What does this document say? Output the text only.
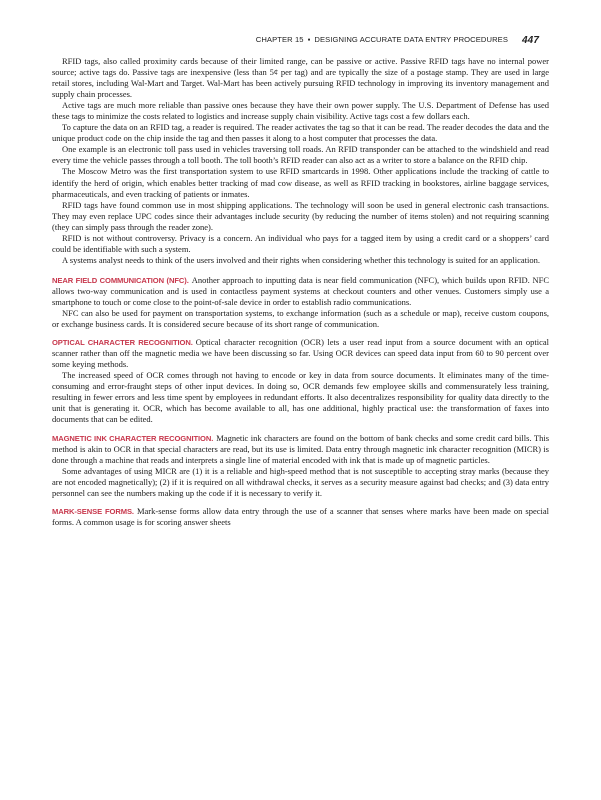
CHAPTER 15 ▪ DESIGNING ACCURATE DATA ENTRY PROCEDURES 447

RFID tags, also called proximity cards because of their limited range, can be passive or active. Passive RFID tags have no internal power source; active tags do. Passive tags are inexpensive (less than 5¢ per tag) and are typically the size of a postage stamp. They are used in large retail stores, including Wal-Mart and Target. Wal-Mart has been actively pursuing RFID technology in improving its inventory management and supply chain processes.

Active tags are much more reliable than passive ones because they have their own power supply. The U.S. Department of Defense has used these tags to minimize the costs related to logistics and increase supply chain visibility. Active tags cost a few dollars each.

To capture the data on an RFID tag, a reader is required. The reader activates the tag so that it can be read. The reader decodes the data and the unique product code on the chip inside the tag and then passes it along to a host computer that processes the data.

One example is an electronic toll pass used in vehicles traversing toll roads. An RFID transponder can be attached to the windshield and read every time the vehicle passes through a toll booth. The toll booth’s RFID reader can also act as a writer to store a balance on the RFID chip.

The Moscow Metro was the first transportation system to use RFID smartcards in 1998. Other applications include the tracking of cattle to identify the herd of origin, which enables better tracking of mad cow disease, as well as RFID tracking in bookstores, airline baggage services, pharmaceuticals, and even tracking of patients or inmates.

RFID tags have found common use in most shipping applications. The technology will soon be used in general electronic cash transactions. They may even replace UPC codes since their advantages include security (by reducing the number of items stolen) and not requiring scanning (they can simply pass through the reader zone).

RFID is not without controversy. Privacy is a concern. An individual who pays for a tagged item by using a credit card or a shoppers’ card could be identifiable with such a system.

A systems analyst needs to think of the users involved and their rights when considering whether this technology is suited for an application.

NEAR FIELD COMMUNICATION (NFC). Another approach to inputting data is near field communication (NFC), which builds upon RFID. NFC allows two-way communication and is used in contactless payment systems at checkout counters and other venues. Customers simply use a smartphone to touch or come close to the point-of-sale device in order to establish radio communications.

NFC can also be used for payment on transportation systems, to exchange information (such as a schedule or map), receive custom coupons, or exchange business cards. It is considered secure because of its short range of communication.

OPTICAL CHARACTER RECOGNITION. Optical character recognition (OCR) lets a user read input from a source document with an optical scanner rather than off the magnetic media we have been discussing so far. Using OCR devices can speed data input from 60 to 90 percent over some keying methods.

The increased speed of OCR comes through not having to encode or key in data from source documents. It eliminates many of the time-consuming and error-fraught steps of other input devices. In doing so, OCR demands few employee skills and commensurately less training, resulting in fewer errors and less time spent by employees in redundant efforts. It also decentralizes responsibility for quality data directly to the unit that is generating it. OCR, which has become available to all, has one additional, highly practical use: the transformation of faxes into documents that can be edited.

MAGNETIC INK CHARACTER RECOGNITION. Magnetic ink characters are found on the bottom of bank checks and some credit card bills. This method is akin to OCR in that special characters are read, but its use is limited. Data entry through magnetic ink character recognition (MICR) is done through a machine that reads and interprets a single line of material encoded with ink that is made up of magnetic particles.

Some advantages of using MICR are (1) it is a reliable and high-speed method that is not susceptible to accepting stray marks (because they are not encoded magnetically); (2) if it is required on all withdrawal checks, it serves as a security measure against bad checks; and (3) data entry personnel can see the numbers making up the code if it is necessary to verify it.

MARK-SENSE FORMS. Mark-sense forms allow data entry through the use of a scanner that senses where marks have been made on special forms. A common usage is for scoring answer sheets
